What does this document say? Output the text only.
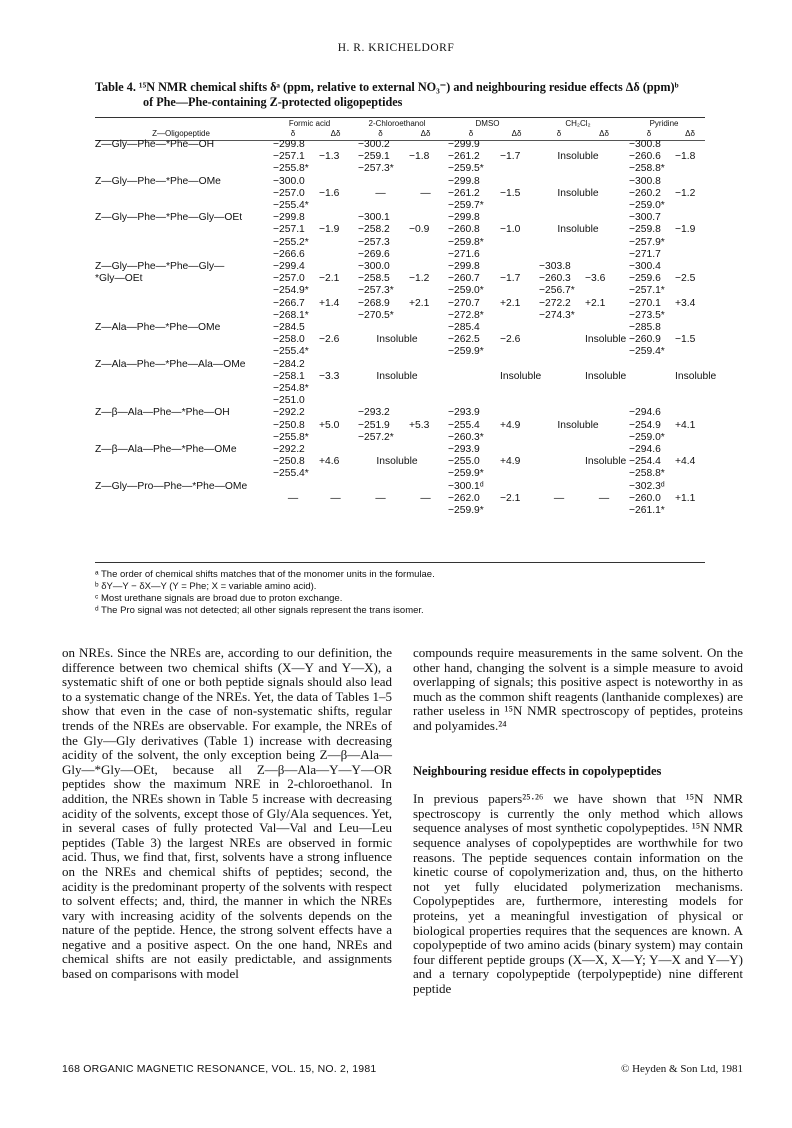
H. R. KRICHELDORF
Table 4. ¹⁵N NMR chemical shifts δᵃ (ppm, relative to external NO₃⁻) and neighbouring residue effects Δδ (ppm)ᵇ
of Phe—Phe-containing Z-protected oligopeptides
	Formic acid		2-Chloroethanol		DMSO		CH₂Cl₂		Pyridine	
Z—Oligopeptide	δ	Δδ	δ	Δδ	δ	Δδ	δ	Δδ	δ	Δδ
Z—Gly—Phe—*Phe—OH	−299.8		−300.2		−299.9				−300.8	
	−257.1	−1.3	−259.1	−1.8	−261.2	−1.7	Insoluble		−260.6	−1.8
	−255.8*		−257.3*		−259.5*				−258.8*	
Z—Gly—Phe—*Phe—OMe	−300.0				−299.8				−300.8	
	−257.0	−1.6	—	—	−261.2	−1.5	Insoluble		−260.2	−1.2
	−255.4*				−259.7*				−259.0*	
Z—Gly—Phe—*Phe—Gly—OEt	−299.8		−300.1		−299.8				−300.7	
	−257.1	−1.9	−258.2	−0.9	−260.8	−1.0	Insoluble		−259.8	−1.9
	−255.2*		−257.3		−259.8*				−257.9*	
	−266.6		−269.6		−271.6				−271.7	
Z—Gly—Phe—*Phe—Gly—	−299.4		−300.0		−299.8		−303.8		−300.4	
*Gly—OEt	−257.0	−2.1	−258.5	−1.2	−260.7	−1.7	−260.3	−3.6	−259.6	−2.5
	−254.9*		−257.3*		−259.0*		−256.7*		−257.1*	
	−266.7	+1.4	−268.9	+2.1	−270.7	+2.1	−272.2	+2.1	−270.1	+3.4
	−268.1*		−270.5*		−272.8*		−274.3*		−273.5*	
Z—Ala—Phe—*Phe—OMe	−284.5				−285.4				−285.8	
	−258.0	−2.6	Insoluble		−262.5	−2.6		Insoluble	−260.9	−1.5
	−255.4*				−259.9*				−259.4*	
Z—Ala—Phe—*Phe—Ala—OMe	−284.2									
	−258.1	−3.3	Insoluble			Insoluble		Insoluble		Insoluble
	−254.8*									
	−251.0									
Z—β—Ala—Phe—*Phe—OH	−292.2		−293.2		−293.9				−294.6	
	−250.8	+5.0	−251.9	+5.3	−255.4	+4.9	Insoluble		−254.9	+4.1
	−255.8*		−257.2*		−260.3*				−259.0*	
Z—β—Ala—Phe—*Phe—OMe	−292.2				−293.9				−294.6	
	−250.8	+4.6	Insoluble		−255.0	+4.9		Insoluble	−254.4	+4.4
	−255.4*				−259.9*				−258.8*	
Z—Gly—Pro—Phe—*Phe—OMe					−300.1ᵈ				−302.3ᵈ	
	—	—	—	—	−262.0	−2.1	—	—	−260.0	+1.1
					−259.9*				−261.1*	
ᵃ The order of chemical shifts matches that of the monomer units in the formulae.
ᵇ δY—Y − δX—Y (Y = Phe; X = variable amino acid).
ᶜ Most urethane signals are broad due to proton exchange.
ᵈ The Pro signal was not detected; all other signals represent the trans isomer.

on NREs. Since the NREs are, according to our definition, the difference between two chemical shifts (X—Y and Y—X), a systematic shift of one or both peptide signals should also lead to a systematic change of the NREs. Yet, the data of Tables 1–5 show that even in the case of non-systematic shifts, regular trends of the NREs are observable. For example, the NREs of the Gly—Gly derivatives (Table 1) increase with decreasing acidity of the solvent, the only exception being Z—β—Ala—Gly—*Gly—OEt, because all Z—β—Ala—Y—Y—OR peptides show the maximum NRE in 2-chloroethanol. In addition, the NREs shown in Table 5 increase with decreasing acidity of the solvents, except those of Gly/Ala sequences. Yet, in several cases of fully protected Val—Val and Leu—Leu peptides (Table 3) the largest NREs are observed in formic acid. Thus, we find that, first, solvents have a strong influence on the NREs and chemical shifts of peptides; second, the acidity is the predominant property of the solvents with respect to solvent effects; and, third, the manner in which the NREs vary with increasing acidity of the solvents depends on the nature of the peptide. Hence, the strong solvent effects have a negative and a positive aspect. On the one hand, NREs and chemical shifts are not easily predictable, and assignments based on comparisons with model

compounds require measurements in the same solvent. On the other hand, changing the solvent is a simple measure to avoid overlapping of signals; this positive aspect is noteworthy in as much as the common shift reagents (lanthanide complexes) are rather useless in ¹⁵N NMR spectroscopy of peptides, proteins and polyamides.²⁴

Neighbouring residue effects in copolypeptides

In previous papers²⁵·²⁶ we have shown that ¹⁵N NMR spectroscopy is currently the only method which allows sequence analyses of most synthetic copolypeptides. ¹⁵N NMR sequence analyses of copolypeptides are worthwhile for two reasons. The peptide sequences contain information on the kinetic course of copolymerization and, thus, on the hitherto not yet fully elucidated polymerization mechanisms. Copolypeptides are, furthermore, interesting models for proteins, yet a meaningful investigation of physical or biological properties requires that the sequences are known. A copolypeptide of two amino acids (binary system) may contain four different peptide groups (X—X, X—Y; Y—X and Y—Y) and a ternary copolypeptide (terpolypeptide) nine different peptide

168 ORGANIC MAGNETIC RESONANCE, VOL. 15, NO. 2, 1981	© Heyden & Son Ltd, 1981
